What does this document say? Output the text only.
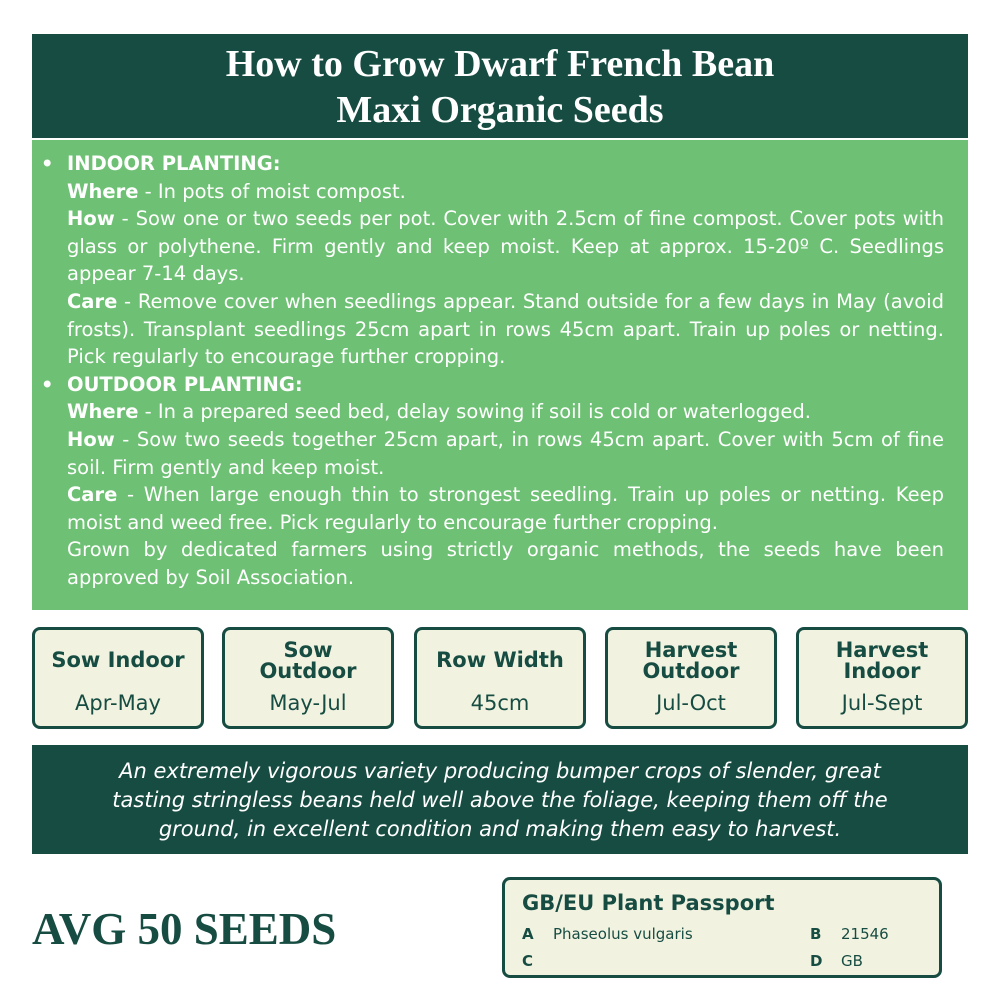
How to Grow Dwarf French Bean
Maxi Organic Seeds
• INDOOR PLANTING:
Where - In pots of moist compost.
How - Sow one or two seeds per pot. Cover with 2.5cm of fine compost. Cover pots with glass or polythene. Firm gently and keep moist. Keep at approx. 15-20º C. Seedlings appear 7-14 days.
Care - Remove cover when seedlings appear. Stand outside for a few days in May (avoid frosts). Transplant seedlings 25cm apart in rows 45cm apart. Train up poles or netting. Pick regularly to encourage further cropping.
• OUTDOOR PLANTING:
Where - In a prepared seed bed, delay sowing if soil is cold or waterlogged.
How - Sow two seeds together 25cm apart, in rows 45cm apart. Cover with 5cm of fine soil. Firm gently and keep moist.
Care - When large enough thin to strongest seedling. Train up poles or netting. Keep moist and weed free. Pick regularly to encourage further cropping.
Grown by dedicated farmers using strictly organic methods, the seeds have been approved by Soil Association.
Sow Indoor
Apr-May
Sow
Outdoor
May-Jul
Row Width
45cm
Harvest
Outdoor
Jul-Oct
Harvest
Indoor
Jul-Sept
An extremely vigorous variety producing bumper crops of slender, great
tasting stringless beans held well above the foliage, keeping them off the
ground, in excellent condition and making them easy to harvest.
AVG 50 SEEDS
GB/EU Plant Passport
A Phaseolus vulgaris	B 21546
C	D GB
